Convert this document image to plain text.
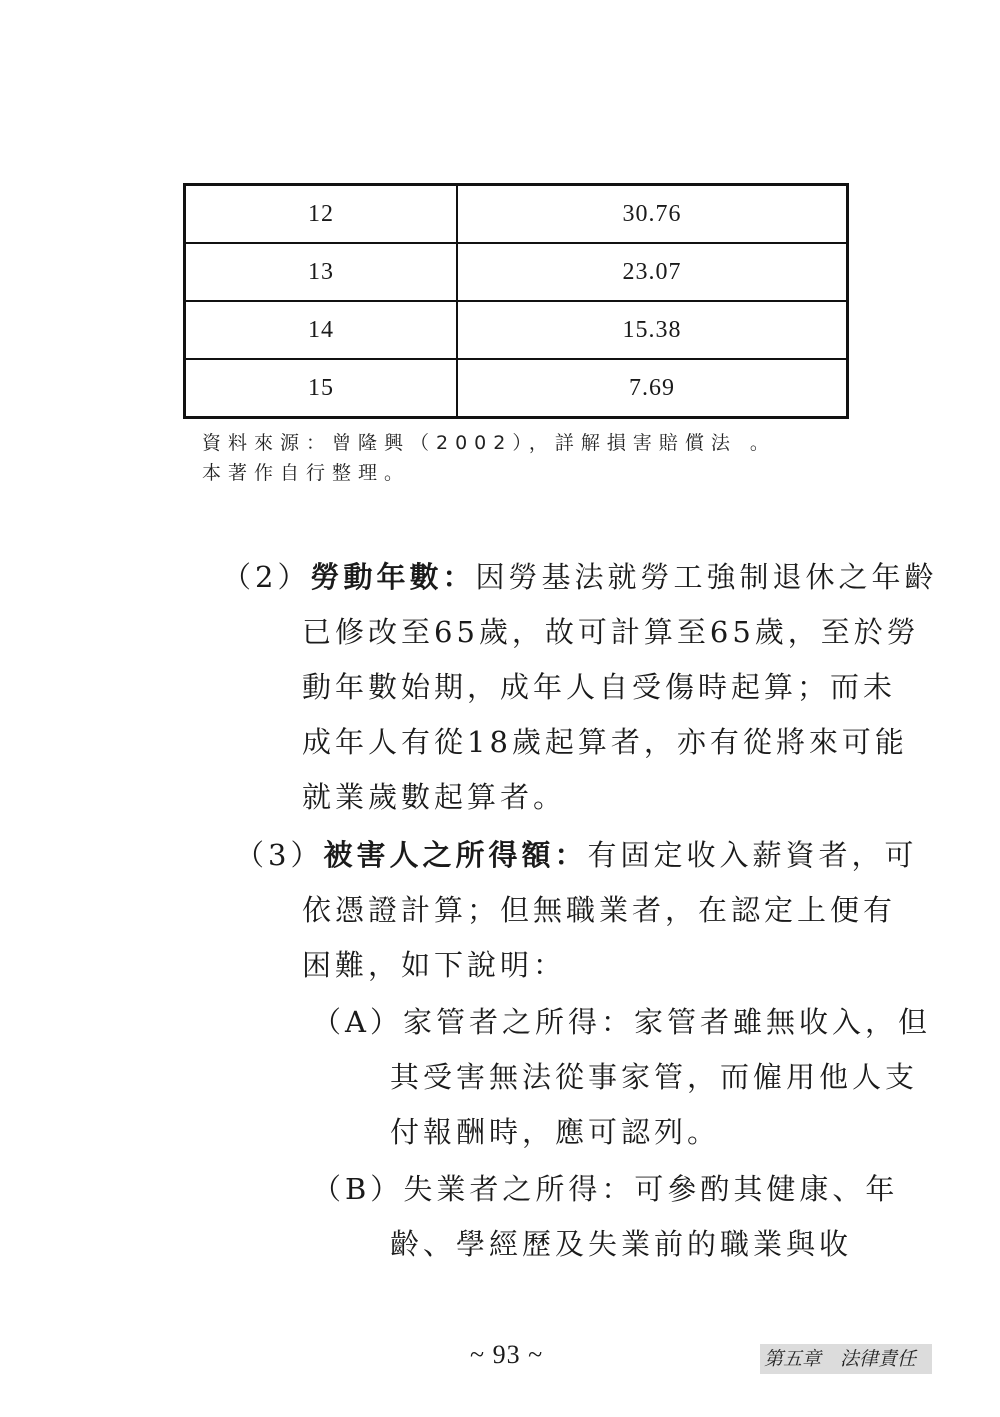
12	30.76
13	23.07
14	15.38
15	7.69
資料來源：曾隆興（2002），詳解損害賠償法 。
本著作自行整理。
（2）勞動年數：因勞基法就勞工強制退休之年齡
已修改至65歲，故可計算至65歲，至於勞
動年數始期，成年人自受傷時起算；而未
成年人有從18歲起算者，亦有從將來可能
就業歲數起算者。
（3）被害人之所得額：有固定收入薪資者，可
依憑證計算；但無職業者，在認定上便有
困難，如下說明：
（A）家管者之所得：家管者雖無收入，但
其受害無法從事家管，而僱用他人支
付報酬時，應可認列。
（B）失業者之所得：可參酌其健康、年
齡、學經歷及失業前的職業與收
~ 93 ~	第五章　法律責任
